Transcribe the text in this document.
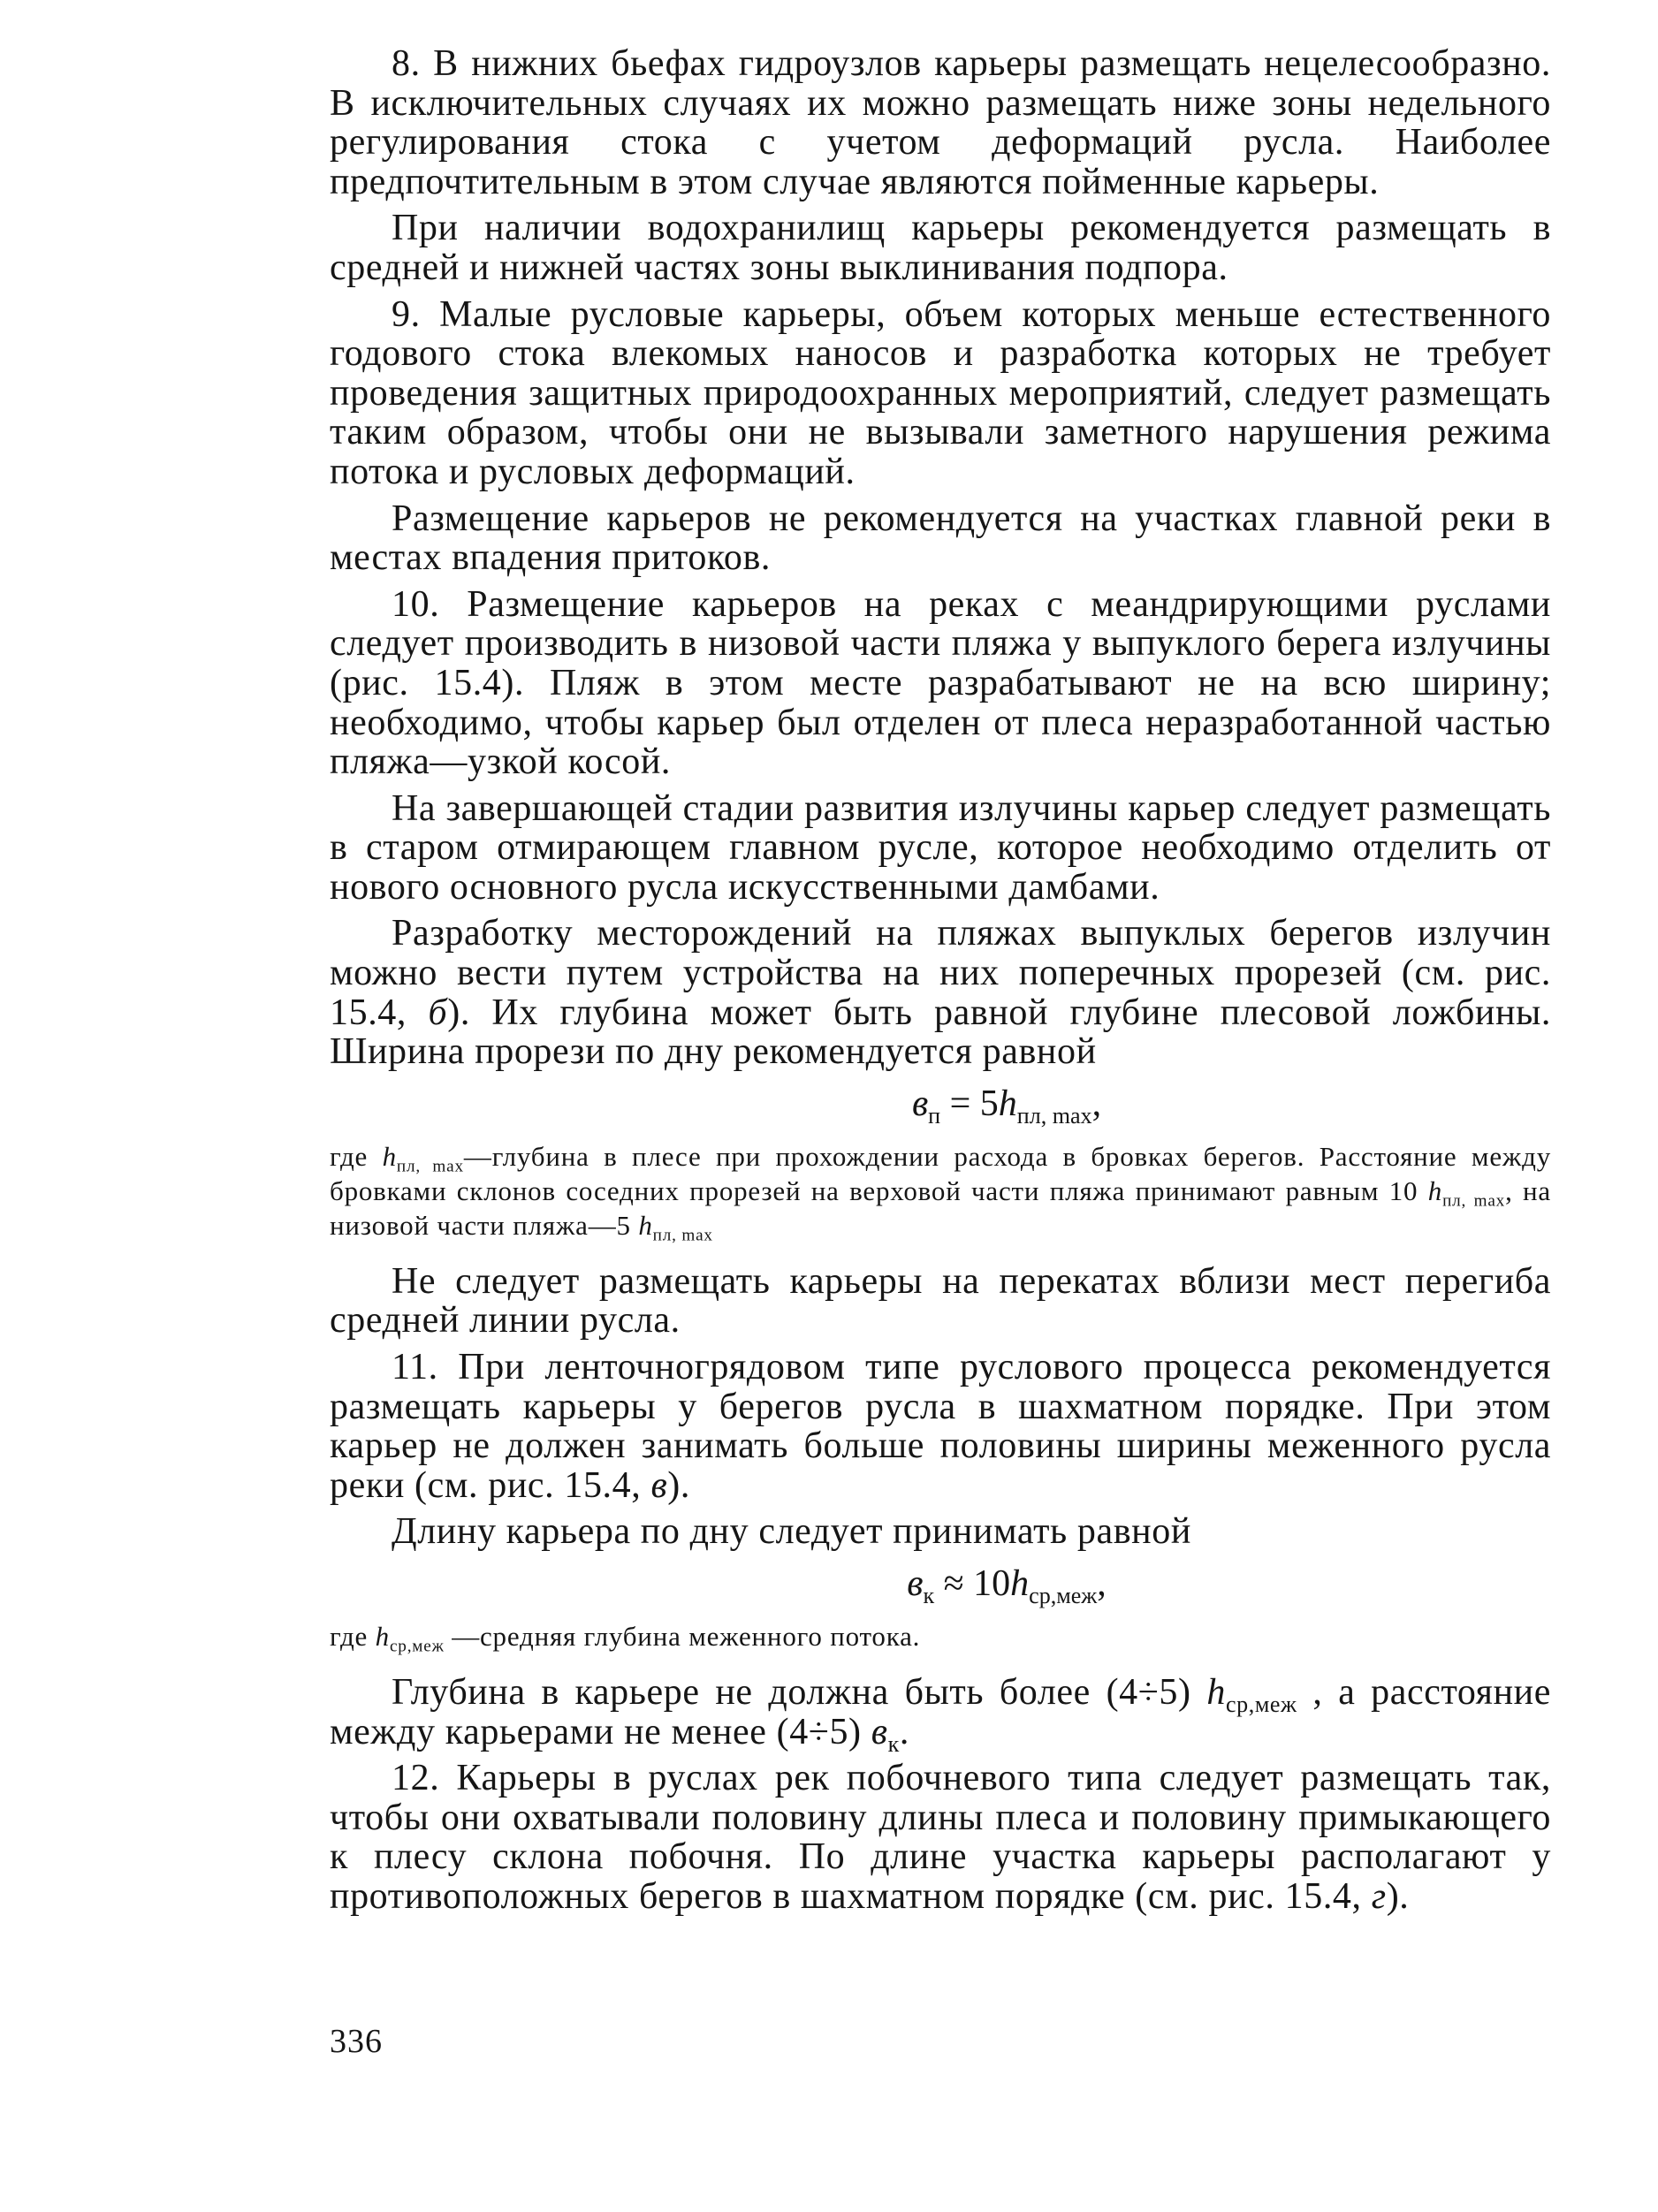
8. В нижних бьефах гидроузлов карьеры размещать нецелесообразно. В исключительных случаях их можно размещать ниже зоны недельного регулирования стока с учетом деформаций русла. Наиболее предпочтительным в этом случае являются пойменные карьеры.

При наличии водохранилищ карьеры рекомендуется размещать в средней и нижней частях зоны выклинивания подпора.

9. Малые русловые карьеры, объем которых меньше естественного годового стока влекомых наносов и разработка которых не требует проведения защитных природоохранных мероприятий, следует размещать таким образом, чтобы они не вызывали заметного нарушения режима потока и русловых деформаций.

Размещение карьеров не рекомендуется на участках главной реки в местах впадения притоков.

10. Размещение карьеров на реках с меандрирующими руслами следует производить в низовой части пляжа у выпуклого берега излучины (рис. 15.4). Пляж в этом месте разрабатывают не на всю ширину; необходимо, чтобы карьер был отделен от плеса неразработанной частью пляжа—узкой косой.

На завершающей стадии развития излучины карьер следует размещать в старом отмирающем главном русле, которое необходимо отделить от нового основного русла искусственными дамбами.

Разработку месторождений на пляжах выпуклых берегов излучин можно вести путем устройства на них поперечных прорезей (см. рис. 15.4, б). Их глубина может быть равной глубине плесовой ложбины. Ширина прорези по дну рекомендуется равной

$в_п = 5h_{пл, max}$,

где $h_{пл, max}—глубина$ в плесе при прохождении расхода в бровках берегов. Расстояние между бровками склонов соседних прорезей на верховой части пляжа принимают равным 10 $h_{пл, max}$, на низовой части пляжа—5 $h_{пл, max}$

Не следует размещать карьеры на перекатах вблизи мест перегиба средней линии русла.

11. При ленточногрядовом типе руслового процесса рекомендуется размещать карьеры у берегов русла в шахматном порядке. При этом карьер не должен занимать больше половины ширины меженного русла реки (см. рис. 15.4, в).

Длину карьера по дну следует принимать равной

$в_к \approx 10h_{ср,меж}$,

где $h_{ср,меж}$ —средняя глубина меженного потока.

Глубина в карьере не должна быть более (4÷5) $h_{ср,меж}$ , а расстояние между карьерами не менее (4÷5) $в_к$.

12. Карьеры в руслах рек побочневого типа следует размещать так, чтобы они охватывали половину длины плеса и половину примыкающего к плесу склона побочня. По длине участка карьеры располагают у противоположных берегов в шахматном порядке (см. рис. 15.4, г).

336
